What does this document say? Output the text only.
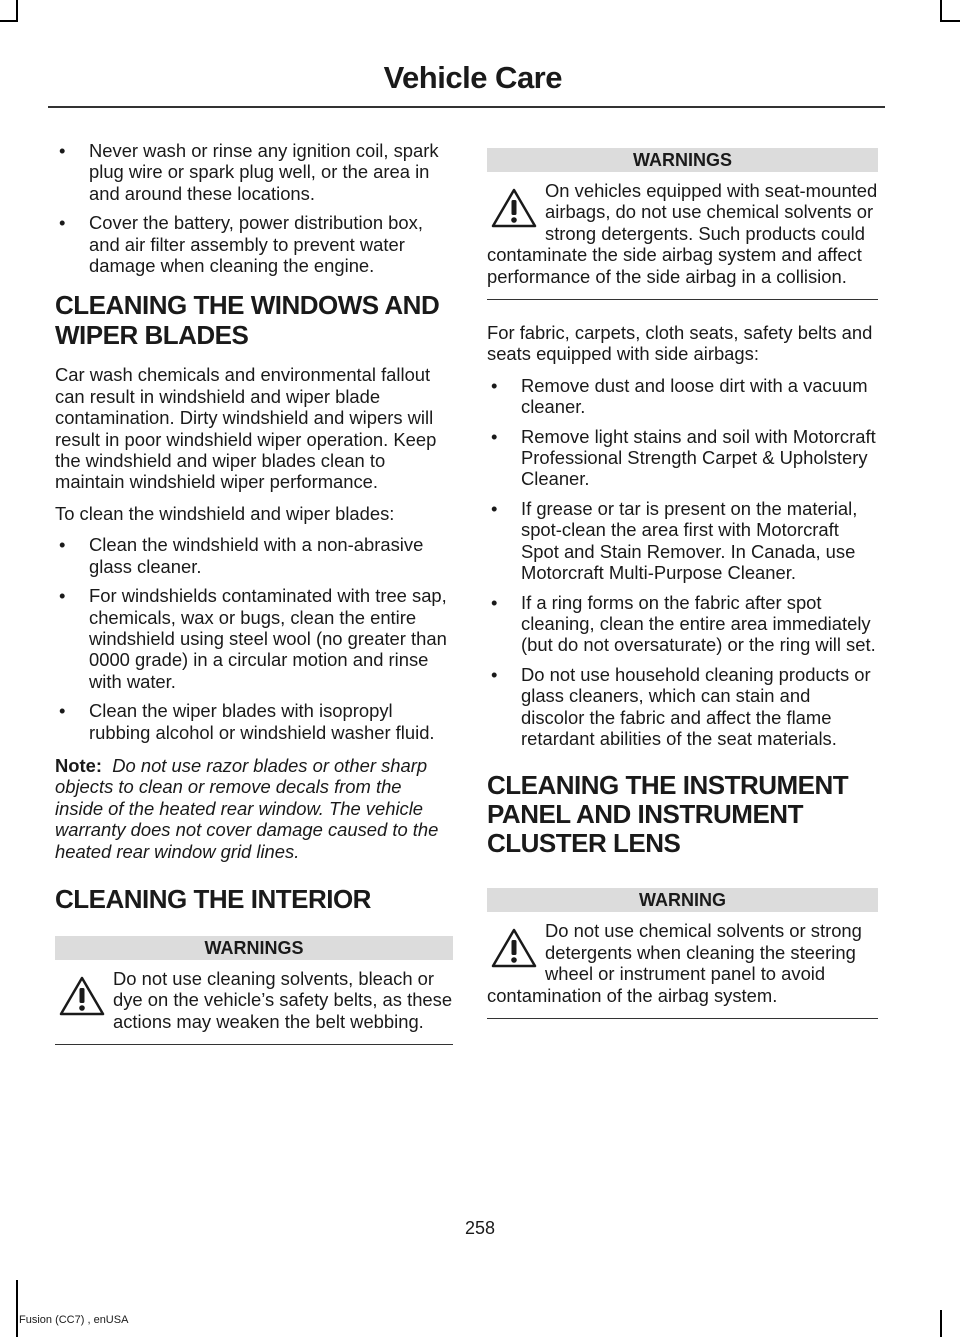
Vehicle Care
• Never wash or rinse any ignition coil, spark plug wire or spark plug well, or the area in and around these locations.
• Cover the battery, power distribution box, and air filter assembly to prevent water damage when cleaning the engine.
CLEANING THE WINDOWS AND WIPER BLADES

Car wash chemicals and environmental fallout can result in windshield and wiper blade contamination. Dirty windshield and wipers will result in poor windshield wiper operation. Keep the windshield and wiper blades clean to maintain windshield wiper performance.

To clean the windshield and wiper blades:

• Clean the windshield with a non-abrasive glass cleaner.
• For windshields contaminated with tree sap, chemicals, wax or bugs, clean the entire windshield using steel wool (no greater than 0000 grade) in a circular motion and rinse with water.
• Clean the wiper blades with isopropyl rubbing alcohol or windshield washer fluid.

Note: Do not use razor blades or other sharp objects to clean or remove decals from the inside of the heated rear window. The vehicle warranty does not cover damage caused to the heated rear window grid lines.

CLEANING THE INTERIOR
WARNINGS
Do not use cleaning solvents, bleach or dye on the vehicle’s safety belts, as these actions may weaken the belt webbing.
WARNINGS
On vehicles equipped with seat-mounted airbags, do not use chemical solvents or strong detergents. Such products could contaminate the side airbag system and affect performance of the side airbag in a collision.

For fabric, carpets, cloth seats, safety belts and seats equipped with side airbags:

• Remove dust and loose dirt with a vacuum cleaner.
• Remove light stains and soil with Motorcraft Professional Strength Carpet & Upholstery Cleaner.
• If grease or tar is present on the material, spot-clean the area first with Motorcraft Spot and Stain Remover. In Canada, use Motorcraft Multi-Purpose Cleaner.
• If a ring forms on the fabric after spot cleaning, clean the entire area immediately (but do not oversaturate) or the ring will set.
• Do not use household cleaning products or glass cleaners, which can stain and discolor the fabric and affect the flame retardant abilities of the seat materials.
CLEANING THE INSTRUMENT PANEL AND INSTRUMENT CLUSTER LENS
WARNING
Do not use chemical solvents or strong detergents when cleaning the steering wheel or instrument panel to avoid contamination of the airbag system.
258
Fusion (CC7) , enUSA
